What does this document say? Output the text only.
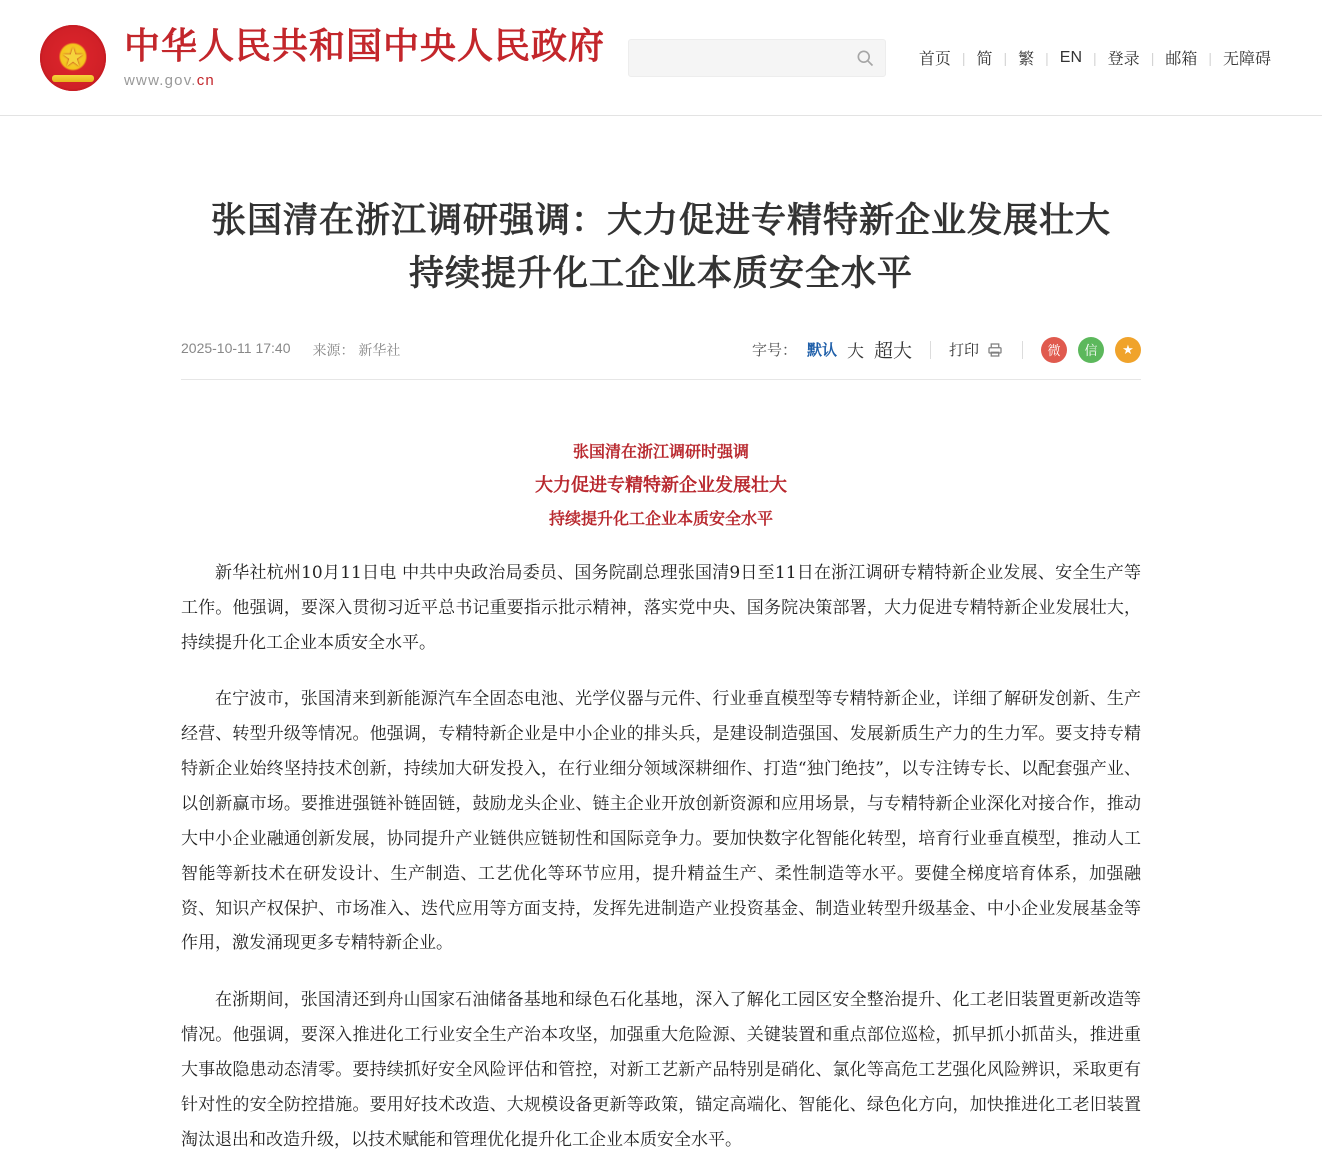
★
中华人民共和国中央人民政府
www.gov.cn
首页 | 简 | 繁 | EN | 登录 | 邮箱 | 无障碍
张国清在浙江调研强调：大力促进专精特新企业发展壮大
持续提升化工企业本质安全水平
2025-10-11 17:40 来源： 新华社	字号： 默认 大 超大 打印	微	信	★
张国清在浙江调研时强调
大力促进专精特新企业发展壮大
持续提升化工企业本质安全水平

新华社杭州10月11日电 中共中央政治局委员、国务院副总理张国清9日至11日在浙江调研专精特新企业发展、安全生产等工作。他强调，要深入贯彻习近平总书记重要指示批示精神，落实党中央、国务院决策部署，大力促进专精特新企业发展壮大，持续提升化工企业本质安全水平。

在宁波市，张国清来到新能源汽车全固态电池、光学仪器与元件、行业垂直模型等专精特新企业，详细了解研发创新、生产经营、转型升级等情况。他强调，专精特新企业是中小企业的排头兵，是建设制造强国、发展新质生产力的生力军。要支持专精特新企业始终坚持技术创新，持续加大研发投入，在行业细分领域深耕细作、打造“独门绝技”，以专注铸专长、以配套强产业、以创新赢市场。要推进强链补链固链，鼓励龙头企业、链主企业开放创新资源和应用场景，与专精特新企业深化对接合作，推动大中小企业融通创新发展，协同提升产业链供应链韧性和国际竞争力。要加快数字化智能化转型，培育行业垂直模型，推动人工智能等新技术在研发设计、生产制造、工艺优化等环节应用，提升精益生产、柔性制造等水平。要健全梯度培育体系，加强融资、知识产权保护、市场准入、迭代应用等方面支持，发挥先进制造产业投资基金、制造业转型升级基金、中小企业发展基金等作用，激发涌现更多专精特新企业。

在浙期间，张国清还到舟山国家石油储备基地和绿色石化基地，深入了解化工园区安全整治提升、化工老旧装置更新改造等情况。他强调，要深入推进化工行业安全生产治本攻坚，加强重大危险源、关键装置和重点部位巡检，抓早抓小抓苗头，推进重大事故隐患动态清零。要持续抓好安全风险评估和管控，对新工艺新产品特别是硝化、氯化等高危工艺强化风险辨识，采取更有针对性的安全防控措施。要用好技术改造、大规模设备更新等政策，锚定高端化、智能化、绿色化方向，加快推进化工老旧装置淘汰退出和改造升级，以技术赋能和管理优化提升化工企业本质安全水平。
